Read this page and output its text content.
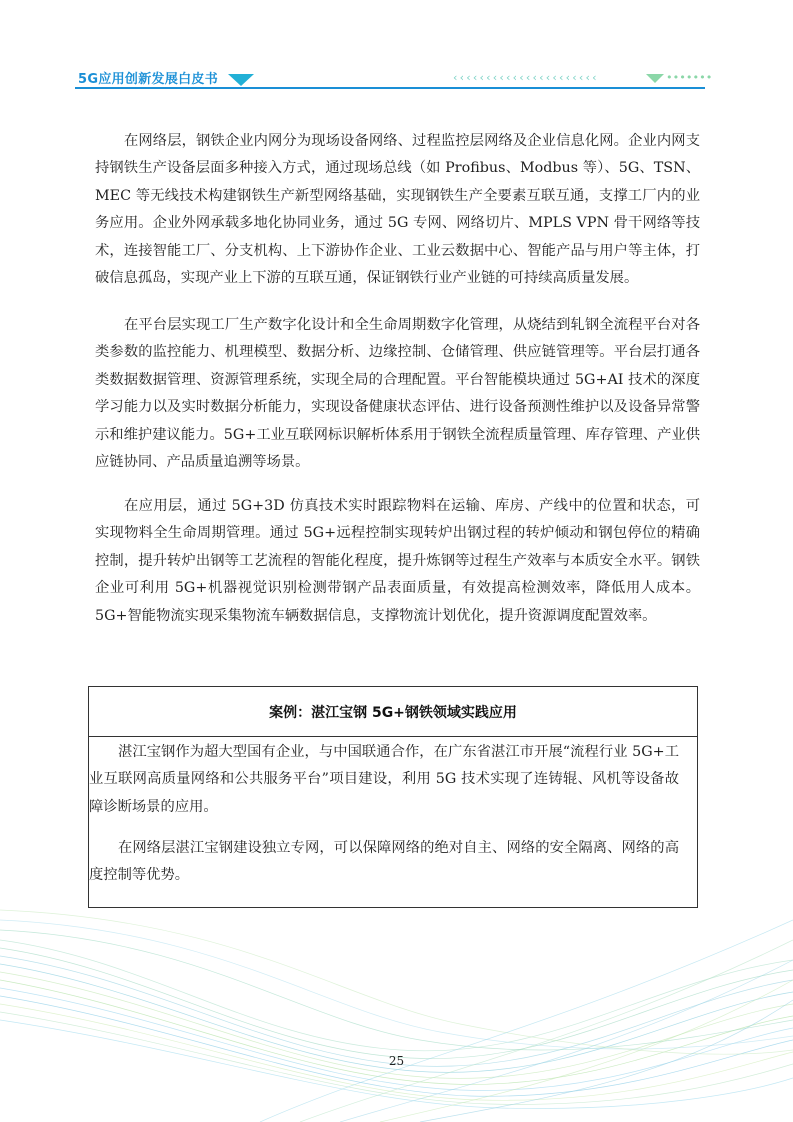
5G应用创新发展白皮书	‹‹‹‹‹‹‹‹‹‹‹‹‹‹‹‹‹‹‹‹‹‹	•••••••

在网络层，钢铁企业内网分为现场设备网络、过程监控层网络及企业信息化网。企业内网支持钢铁生产设备层面多种接入方式，通过现场总线（如 Profibus、Modbus 等）、5G、TSN、MEC 等无线技术构建钢铁生产新型网络基础，实现钢铁生产全要素互联互通，支撑工厂内的业务应用。企业外网承载多地化协同业务，通过 5G 专网、网络切片、MPLS VPN 骨干网络等技术，连接智能工厂、分支机构、上下游协作企业、工业云数据中心、智能产品与用户等主体，打破信息孤岛，实现产业上下游的互联互通，保证钢铁行业产业链的可持续高质量发展。

在平台层实现工厂生产数字化设计和全生命周期数字化管理，从烧结到轧钢全流程平台对各类参数的监控能力、机理模型、数据分析、边缘控制、仓储管理、供应链管理等。平台层打通各类数据数据管理、资源管理系统，实现全局的合理配置。平台智能模块通过 5G+AI 技术的深度学习能力以及实时数据分析能力，实现设备健康状态评估、进行设备预测性维护以及设备异常警示和维护建议能力。5G+工业互联网标识解析体系用于钢铁全流程质量管理、库存管理、产业供应链协同、产品质量追溯等场景。

在应用层，通过 5G+3D 仿真技术实时跟踪物料在运输、库房、产线中的位置和状态，可实现物料全生命周期管理。通过 5G+远程控制实现转炉出钢过程的转炉倾动和钢包停位的精确控制，提升转炉出钢等工艺流程的智能化程度，提升炼钢等过程生产效率与本质安全水平。钢铁企业可利用 5G+机器视觉识别检测带钢产品表面质量，有效提高检测效率，降低用人成本。5G+智能物流实现采集物流车辆数据信息，支撑物流计划优化，提升资源调度配置效率。

案例：湛江宝钢 5G+钢铁领域实践应用

湛江宝钢作为超大型国有企业，与中国联通合作，在广东省湛江市开展“流程行业 5G+工业互联网高质量网络和公共服务平台”项目建设，利用 5G 技术实现了连铸辊、风机等设备故障诊断场景的应用。

在网络层湛江宝钢建设独立专网，可以保障网络的绝对自主、网络的安全隔离、网络的高度控制等优势。

25
